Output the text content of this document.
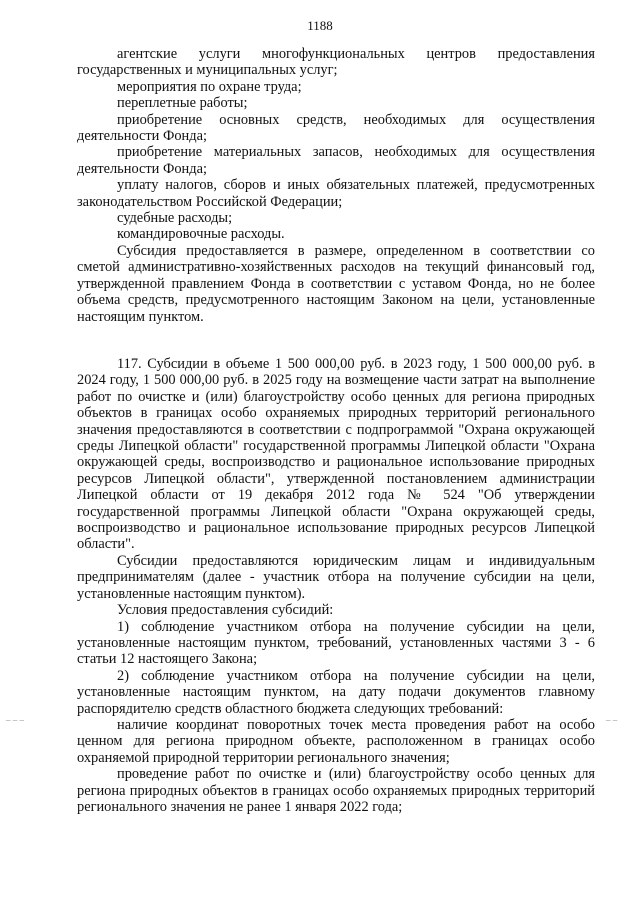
1188

агентские услуги многофункциональных центров предоставления государственных и муниципальных услуг;

мероприятия по охране труда;

переплетные работы;

приобретение основных средств, необходимых для осуществления деятельности Фонда;

приобретение материальных запасов, необходимых для осуществления деятельности Фонда;

уплату налогов, сборов и иных обязательных платежей, предусмотренных законодательством Российской Федерации;

судебные расходы;

командировочные расходы.

Субсидия предоставляется в размере, определенном в соответствии со сметой административно-хозяйственных расходов на текущий финансовый год, утвержденной правлением Фонда в соответствии с уставом Фонда, но не более объема средств, предусмотренного настоящим Законом на цели, установленные настоящим пунктом.

117. Субсидии в объеме 1 500 000,00 руб. в 2023 году, 1 500 000,00 руб. в 2024 году, 1 500 000,00 руб. в 2025 году на возмещение части затрат на выполнение работ по очистке и (или) благоустройству особо ценных для региона природных объектов в границах особо охраняемых природных территорий регионального значения предоставляются в соответствии с подпрограммой "Охрана окружающей среды Липецкой области" государственной программы Липецкой области "Охрана окружающей среды, воспроизводство и рациональное использование природных ресурсов Липецкой области", утвержденной постановлением администрации Липецкой области от 19 декабря 2012 года № 524 "Об утверждении государственной программы Липецкой области "Охрана окружающей среды, воспроизводство и рациональное использование природных ресурсов Липецкой области".

Субсидии предоставляются юридическим лицам и индивидуальным предпринимателям (далее - участник отбора на получение субсидии на цели, установленные настоящим пунктом).

Условия предоставления субсидий:

1) соблюдение участником отбора на получение субсидии на цели, установленные настоящим пунктом, требований, установленных частями 3 - 6 статьи 12 настоящего Закона;

2) соблюдение участником отбора на получение субсидии на цели, установленные настоящим пунктом, на дату подачи документов главному распорядителю средств областного бюджета следующих требований:

наличие координат поворотных точек места проведения работ на особо ценном для региона природном объекте, расположенном в границах особо охраняемой природной территории регионального значения;

проведение работ по очистке и (или) благоустройству особо ценных для региона природных объектов в границах особо охраняемых природных территорий регионального значения не ранее 1 января 2022 года;

– – –	– –
